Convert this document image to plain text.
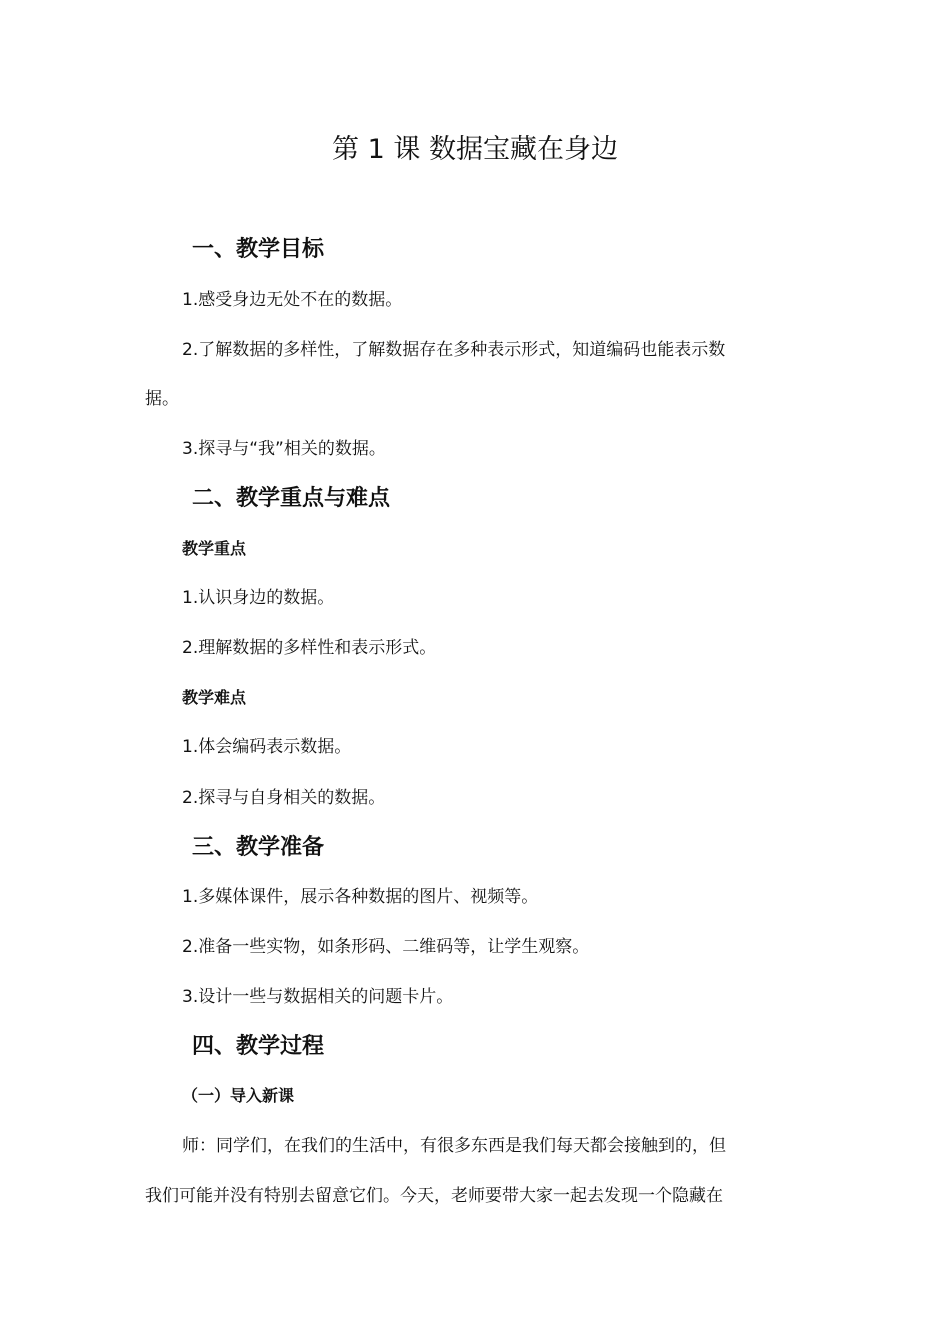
第 1 课 数据宝藏在身边
一、教学目标
1.感受身边无处不在的数据。
2.了解数据的多样性，了解数据存在多种表示形式，知道编码也能表示数
据。
3.探寻与“我”相关的数据。
二、教学重点与难点
教学重点
1.认识身边的数据。
2.理解数据的多样性和表示形式。
教学难点
1.体会编码表示数据。
2.探寻与自身相关的数据。
三、教学准备
1.多媒体课件，展示各种数据的图片、视频等。
2.准备一些实物，如条形码、二维码等，让学生观察。
3.设计一些与数据相关的问题卡片。
四、教学过程
（一）导入新课
师：同学们，在我们的生活中，有很多东西是我们每天都会接触到的，但
我们可能并没有特别去留意它们。今天，老师要带大家一起去发现一个隐藏在
